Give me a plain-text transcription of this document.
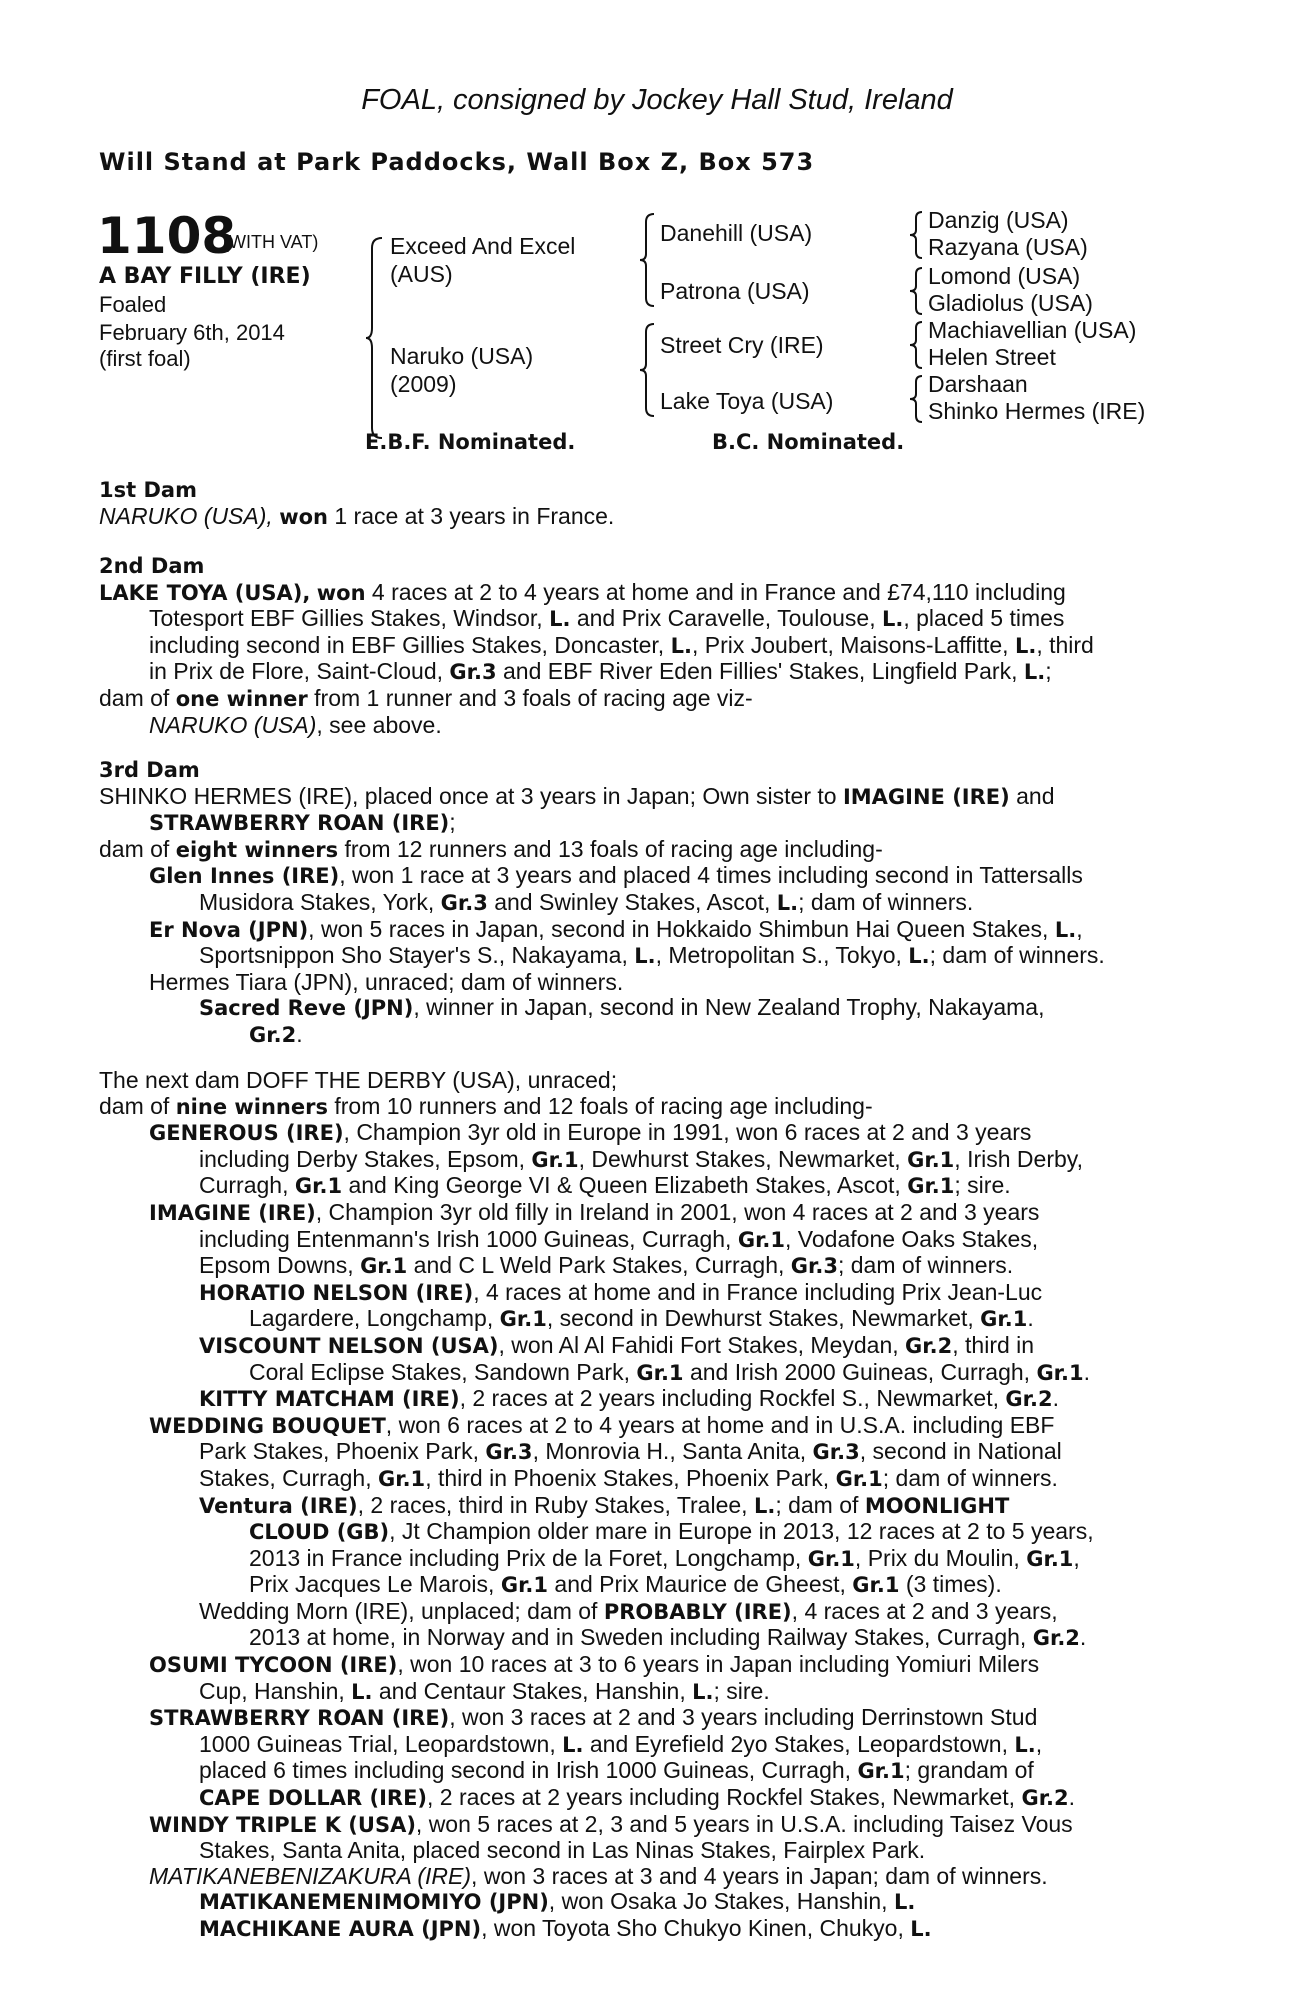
FOAL, consigned by Jockey Hall Stud, Ireland
Will Stand at Park Paddocks, Wall Box Z, Box 573
1108
(WITH VAT)
A BAY FILLY (IRE)
Foaled
February 6th, 2014
(first foal)
Exceed And Excel
(AUS)
Naruko (USA)
(2009)
Danehill (USA)
Patrona (USA)
Street Cry (IRE)
Lake Toya (USA)
Danzig (USA)
Razyana (USA)
Lomond (USA)
Gladiolus (USA)
Machiavellian (USA)
Helen Street
Darshaan
Shinko Hermes (IRE)
E.B.F. Nominated.	B.C. Nominated.
1st Dam
NARUKO (USA), won 1 race at 3 years in France.
2nd Dam
LAKE TOYA (USA), won 4 races at 2 to 4 years at home and in France and £74,110 including
Totesport EBF Gillies Stakes, Windsor, L. and Prix Caravelle, Toulouse, L., placed 5 times
including second in EBF Gillies Stakes, Doncaster, L., Prix Joubert, Maisons-Laffitte, L., third
in Prix de Flore, Saint-Cloud, Gr.3 and EBF River Eden Fillies' Stakes, Lingfield Park, L.;
dam of one winner from 1 runner and 3 foals of racing age viz-
NARUKO (USA), see above.
3rd Dam
SHINKO HERMES (IRE), placed once at 3 years in Japan; Own sister to IMAGINE (IRE) and
STRAWBERRY ROAN (IRE);
dam of eight winners from 12 runners and 13 foals of racing age including-
Glen Innes (IRE), won 1 race at 3 years and placed 4 times including second in Tattersalls
Musidora Stakes, York, Gr.3 and Swinley Stakes, Ascot, L.; dam of winners.
Er Nova (JPN), won 5 races in Japan, second in Hokkaido Shimbun Hai Queen Stakes, L.,
Sportsnippon Sho Stayer's S., Nakayama, L., Metropolitan S., Tokyo, L.; dam of winners.
Hermes Tiara (JPN), unraced; dam of winners.
Sacred Reve (JPN), winner in Japan, second in New Zealand Trophy, Nakayama,
Gr.2.
The next dam DOFF THE DERBY (USA), unraced;
dam of nine winners from 10 runners and 12 foals of racing age including-
GENEROUS (IRE), Champion 3yr old in Europe in 1991, won 6 races at 2 and 3 years
including Derby Stakes, Epsom, Gr.1, Dewhurst Stakes, Newmarket, Gr.1, Irish Derby,
Curragh, Gr.1 and King George VI & Queen Elizabeth Stakes, Ascot, Gr.1; sire.
IMAGINE (IRE), Champion 3yr old filly in Ireland in 2001, won 4 races at 2 and 3 years
including Entenmann's Irish 1000 Guineas, Curragh, Gr.1, Vodafone Oaks Stakes,
Epsom Downs, Gr.1 and C L Weld Park Stakes, Curragh, Gr.3; dam of winners.
HORATIO NELSON (IRE), 4 races at home and in France including Prix Jean-Luc
Lagardere, Longchamp, Gr.1, second in Dewhurst Stakes, Newmarket, Gr.1.
VISCOUNT NELSON (USA), won Al Al Fahidi Fort Stakes, Meydan, Gr.2, third in
Coral Eclipse Stakes, Sandown Park, Gr.1 and Irish 2000 Guineas, Curragh, Gr.1.
KITTY MATCHAM (IRE), 2 races at 2 years including Rockfel S., Newmarket, Gr.2.
WEDDING BOUQUET, won 6 races at 2 to 4 years at home and in U.S.A. including EBF
Park Stakes, Phoenix Park, Gr.3, Monrovia H., Santa Anita, Gr.3, second in National
Stakes, Curragh, Gr.1, third in Phoenix Stakes, Phoenix Park, Gr.1; dam of winners.
Ventura (IRE), 2 races, third in Ruby Stakes, Tralee, L.; dam of MOONLIGHT
CLOUD (GB), Jt Champion older mare in Europe in 2013, 12 races at 2 to 5 years,
2013 in France including Prix de la Foret, Longchamp, Gr.1, Prix du Moulin, Gr.1,
Prix Jacques Le Marois, Gr.1 and Prix Maurice de Gheest, Gr.1 (3 times).
Wedding Morn (IRE), unplaced; dam of PROBABLY (IRE), 4 races at 2 and 3 years,
2013 at home, in Norway and in Sweden including Railway Stakes, Curragh, Gr.2.
OSUMI TYCOON (IRE), won 10 races at 3 to 6 years in Japan including Yomiuri Milers
Cup, Hanshin, L. and Centaur Stakes, Hanshin, L.; sire.
STRAWBERRY ROAN (IRE), won 3 races at 2 and 3 years including Derrinstown Stud
1000 Guineas Trial, Leopardstown, L. and Eyrefield 2yo Stakes, Leopardstown, L.,
placed 6 times including second in Irish 1000 Guineas, Curragh, Gr.1; grandam of
CAPE DOLLAR (IRE), 2 races at 2 years including Rockfel Stakes, Newmarket, Gr.2.
WINDY TRIPLE K (USA), won 5 races at 2, 3 and 5 years in U.S.A. including Taisez Vous
Stakes, Santa Anita, placed second in Las Ninas Stakes, Fairplex Park.
MATIKANEBENIZAKURA (IRE), won 3 races at 3 and 4 years in Japan; dam of winners.
MATIKANEMENIMOMIYO (JPN), won Osaka Jo Stakes, Hanshin, L.
MACHIKANE AURA (JPN), won Toyota Sho Chukyo Kinen, Chukyo, L.
